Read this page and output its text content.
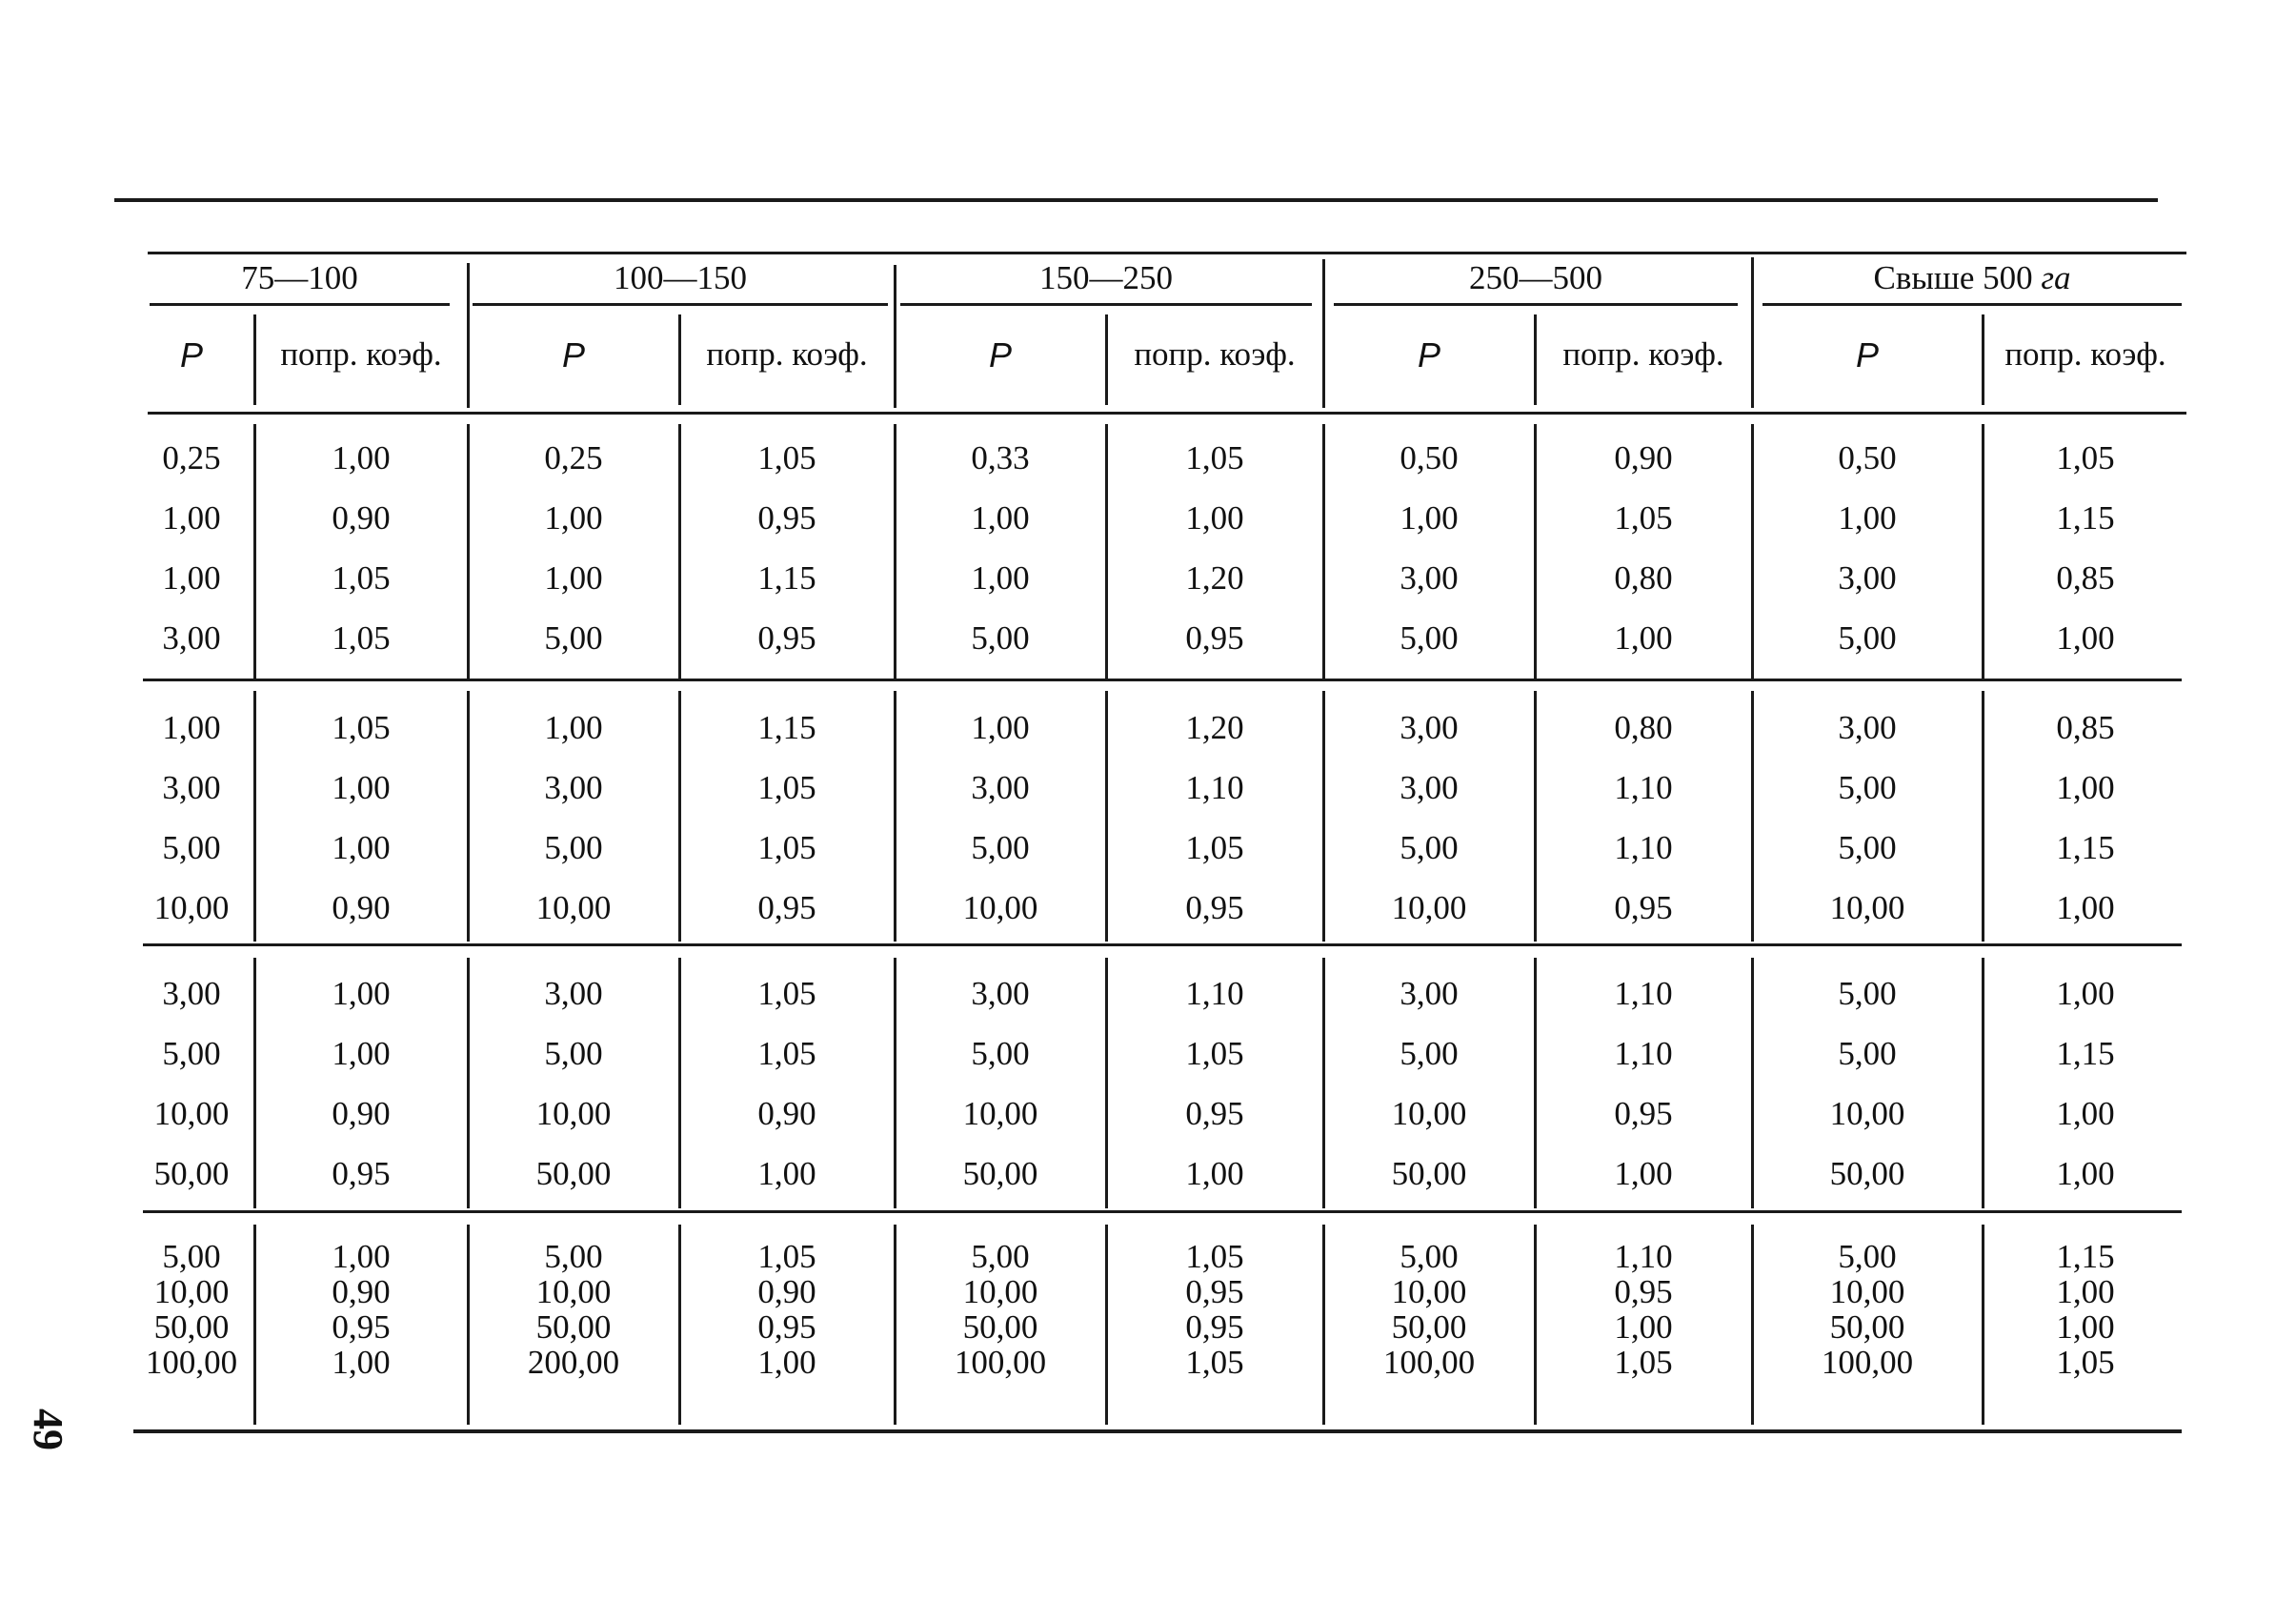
75—100	100—150	150—250	250—500	Свыше 500 га
P	попр. коэф.	P	попр. коэф.	P	попр. коэф.	P	попр. коэф.	P	попр. коэф.
0,25	1,00	0,25	1,05	0,33	1,05	0,50	0,90	0,50	1,05
1,00	0,90	1,00	0,95	1,00	1,00	1,00	1,05	1,00	1,15
1,00	1,05	1,00	1,15	1,00	1,20	3,00	0,80	3,00	0,85
3,00	1,05	5,00	0,95	5,00	0,95	5,00	1,00	5,00	1,00
1,00	1,05	1,00	1,15	1,00	1,20	3,00	0,80	3,00	0,85
3,00	1,00	3,00	1,05	3,00	1,10	3,00	1,10	5,00	1,00
5,00	1,00	5,00	1,05	5,00	1,05	5,00	1,10	5,00	1,15
10,00	0,90	10,00	0,95	10,00	0,95	10,00	0,95	10,00	1,00
3,00	1,00	3,00	1,05	3,00	1,10	3,00	1,10	5,00	1,00
5,00	1,00	5,00	1,05	5,00	1,05	5,00	1,10	5,00	1,15
10,00	0,90	10,00	0,90	10,00	0,95	10,00	0,95	10,00	1,00
50,00	0,95	50,00	1,00	50,00	1,00	50,00	1,00	50,00	1,00
5,00	1,00	5,00	1,05	5,00	1,05	5,00	1,10	5,00	1,15
10,00	0,90	10,00	0,90	10,00	0,95	10,00	0,95	10,00	1,00
50,00	0,95	50,00	0,95	50,00	0,95	50,00	1,00	50,00	1,00
100,00	1,00	200,00	1,00	100,00	1,05	100,00	1,05	100,00	1,05
49
